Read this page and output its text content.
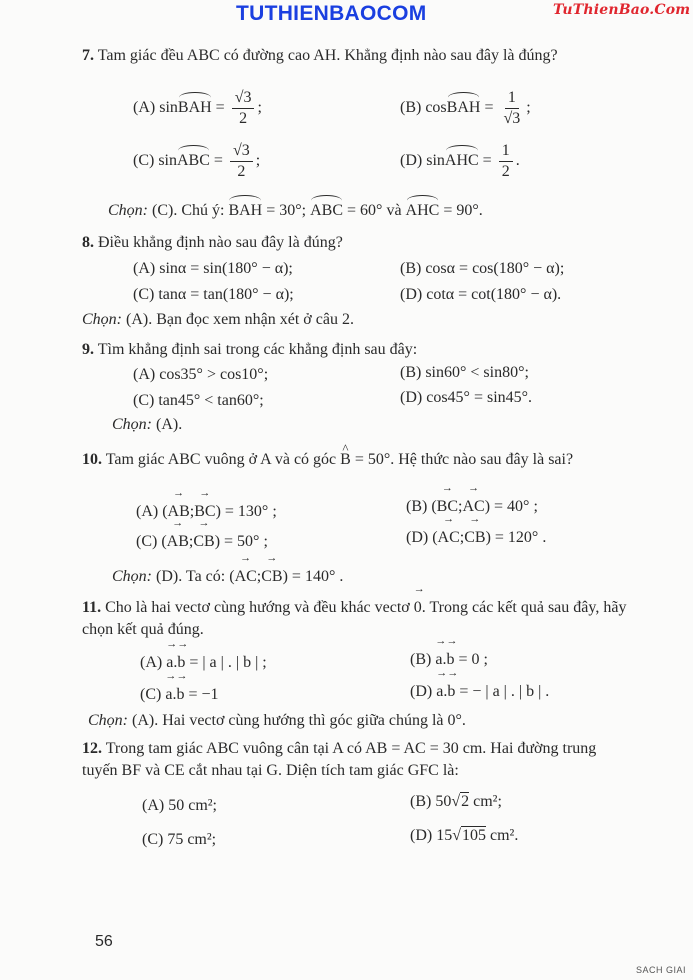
TUTHIENBAOCOM	TuThienBao.Com
7. Tam giác đều ABC có đường cao AH. Khẳng định nào sau đây là đúng?
(A) sinBAH = $\frac{√3}{2}$ ;	(B) cosBAH = $\frac{1}{√3}$ ;
(C) sinABC = $\frac{√3}{2}$ ;	(D) sinAHC = $\frac{1}{2}$ .
Chọn: (C). Chú ý: BAH = 30°; ABC = 60° và AHC = 90°.
8. Điều khẳng định nào sau đây là đúng?
(A) sinα = sin(180° − α);	(B) cosα = cos(180° − α);
(C) tanα = tan(180° − α);	(D) cotα = cot(180° − α).
Chọn: (A). Bạn đọc xem nhận xét ở câu 2.
9. Tìm khẳng định sai trong các khẳng định sau đây:
(A) cos35° > cos10°;	(B) sin60° < sin80°;
(C) tan45° < tan60°;	(D) cos45° = sin45°.
Chọn: (A).
10. Tam giác ABC vuông ở A và có góc ^ B = 50°. Hệ thức nào sau đây là sai?
(A) (→ AB;→ BC) = 130° ;	(B) (→ BC;→ AC) = 40° ;
(C) (→ AB;→ CB) = 50° ;	(D) (→ AC;→ CB) = 120° .
Chọn: (D). Ta có: (→ AC;→ CB) = 140° .
11. Cho là hai vectơ cùng hướng và đều khác vectơ → 0. Trong các kết quả sau đây, hãy chọn kết quả đúng.
(A) → a.→ b = | a | . | b | ;	(B) → a.→ b = 0 ;
(C) → a.→ b = −1	(D) → a.→ b = − | a | . | b | .
Chọn: (A). Hai vectơ cùng hướng thì góc giữa chúng là 0°.
12. Trong tam giác ABC vuông cân tại A có AB = AC = 30 cm. Hai đường trung tuyến BF và CE cắt nhau tại G. Diện tích tam giác GFC là:
(A) 50 cm²;	(B) 50√2 cm²;
(C) 75 cm²;	(D) 15√105 cm².
56
SACH GIAI
